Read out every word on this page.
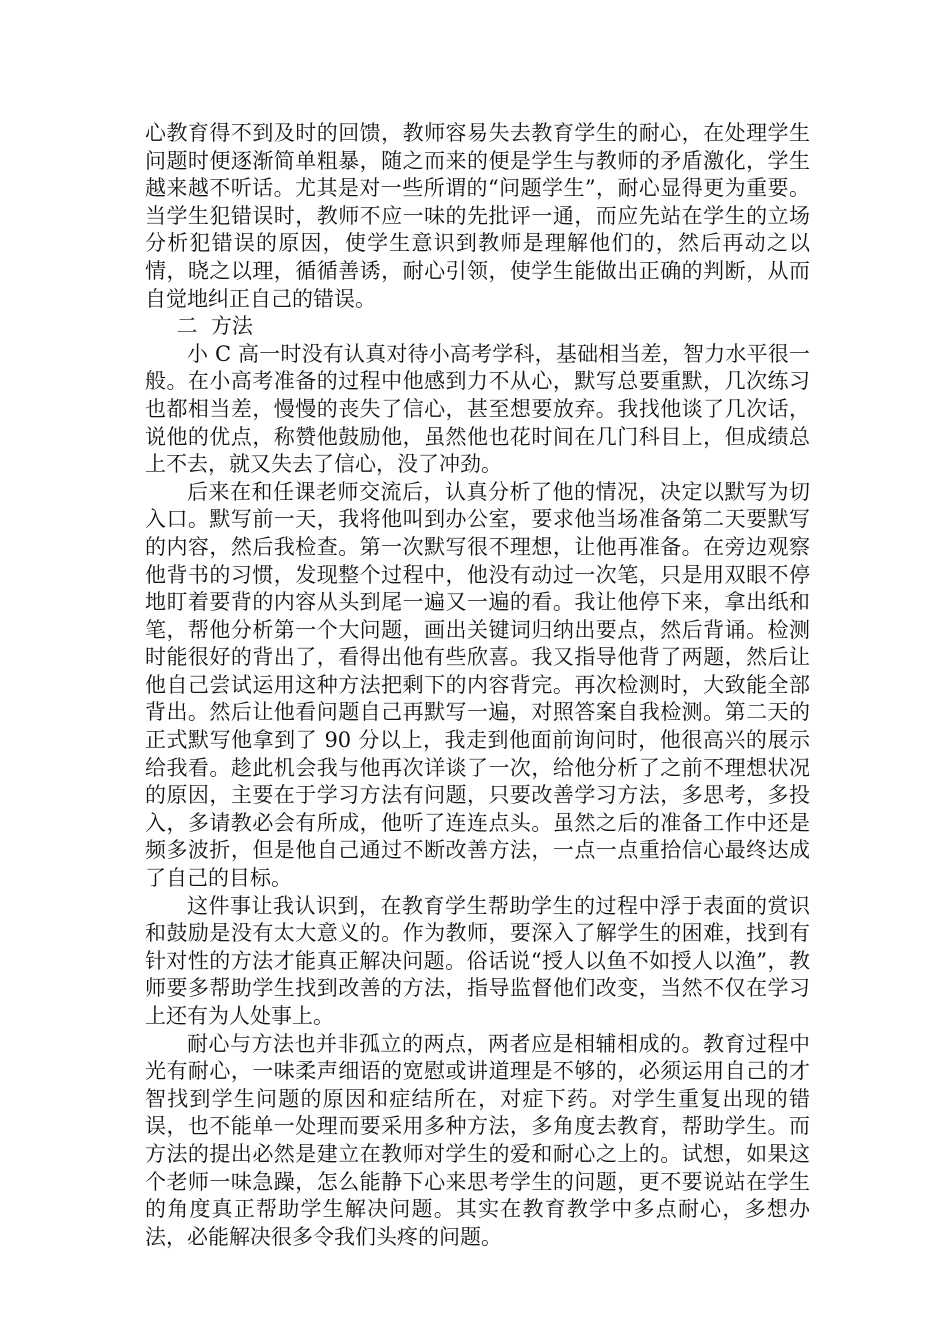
心教育得不到及时的回馈，教师容易失去教育学生的耐心，在处理学生问题时便逐渐简单粗暴，随之而来的便是学生与教师的矛盾激化，学生越来越不听话。尤其是对一些所谓的“问题学生”，耐心显得更为重要。当学生犯错误时，教师不应一味的先批评一通，而应先站在学生的立场分析犯错误的原因，使学生意识到教师是理解他们的，然后再动之以情，晓之以理，循循善诱，耐心引领，使学生能做出正确的判断，从而自觉地纠正自己的错误。

二  方法

小 C 高一时没有认真对待小高考学科，基础相当差，智力水平很一般。在小高考准备的过程中他感到力不从心，默写总要重默，几次练习也都相当差，慢慢的丧失了信心，甚至想要放弃。我找他谈了几次话，说他的优点，称赞他鼓励他，虽然他也花时间在几门科目上，但成绩总上不去，就又失去了信心，没了冲劲。

后来在和任课老师交流后，认真分析了他的情况，决定以默写为切入口。默写前一天，我将他叫到办公室，要求他当场准备第二天要默写的内容，然后我检查。第一次默写很不理想，让他再准备。在旁边观察他背书的习惯，发现整个过程中，他没有动过一次笔，只是用双眼不停地盯着要背的内容从头到尾一遍又一遍的看。我让他停下来，拿出纸和笔，帮他分析第一个大问题，画出关键词归纳出要点，然后背诵。检测时能很好的背出了，看得出他有些欣喜。我又指导他背了两题，然后让他自己尝试运用这种方法把剩下的内容背完。再次检测时，大致能全部背出。然后让他看问题自己再默写一遍，对照答案自我检测。第二天的正式默写他拿到了 90 分以上，我走到他面前询问时，他很高兴的展示给我看。趁此机会我与他再次详谈了一次，给他分析了之前不理想状况的原因，主要在于学习方法有问题，只要改善学习方法，多思考，多投入，多请教必会有所成，他听了连连点头。虽然之后的准备工作中还是频多波折，但是他自己通过不断改善方法，一点一点重拾信心最终达成了自己的目标。

这件事让我认识到，在教育学生帮助学生的过程中浮于表面的赏识和鼓励是没有太大意义的。作为教师，要深入了解学生的困难，找到有针对性的方法才能真正解决问题。俗话说“授人以鱼不如授人以渔”，教师要多帮助学生找到改善的方法，指导监督他们改变，当然不仅在学习上还有为人处事上。

耐心与方法也并非孤立的两点，两者应是相辅相成的。教育过程中光有耐心，一味柔声细语的宽慰或讲道理是不够的，必须运用自己的才智找到学生问题的原因和症结所在，对症下药。对学生重复出现的错误，也不能单一处理而要采用多种方法，多角度去教育，帮助学生。而方法的提出必然是建立在教师对学生的爱和耐心之上的。试想，如果这个老师一味急躁，怎么能静下心来思考学生的问题，更不要说站在学生的角度真正帮助学生解决问题。其实在教育教学中多点耐心，多想办法，必能解决很多令我们头疼的问题。
